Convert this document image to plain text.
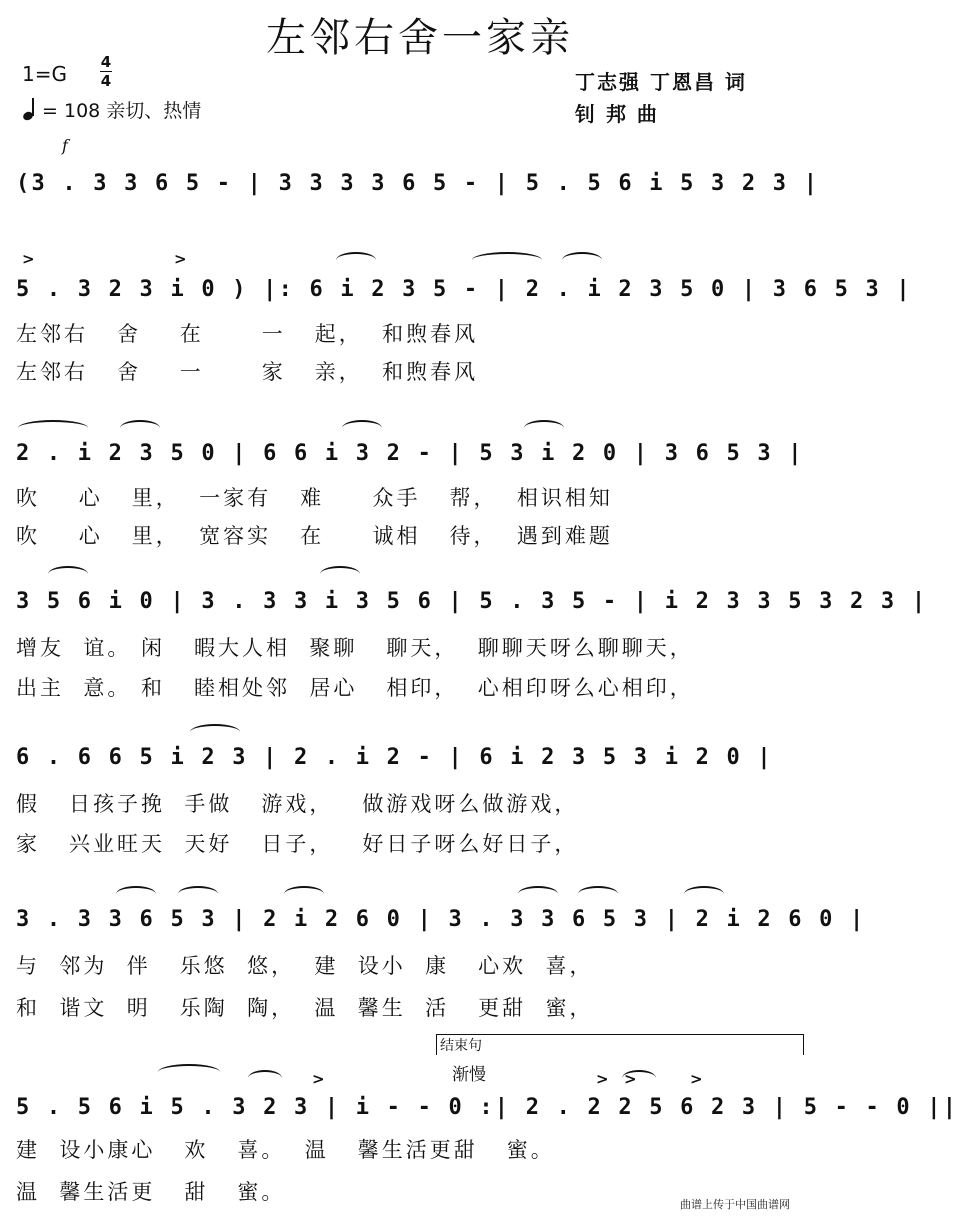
左邻右舍一家亲
1=G 4
4
= 108 亲切、热情
丁志强 丁恩昌 词
钊 邦 曲
f
(3 . 3 3 6 5 - | 3 3 3 3 6 5 - | 5 . 5 6 i 5 3 2 3 |
>	>
5 . 3 2 3 i 0 ) |: 6 i 2 3 5 - | 2 . i 2 3 5 0 | 3 6 5 3 |
左邻右   舍    在      一   起，  和煦春风
左邻右   舍    一      家   亲，  和煦春风
2 . i 2 3 5 0 | 6 6 i 3 2 - | 5 3 i 2 0 | 3 6 5 3 |
吹    心   里，  一家有   难     众手   帮，  相识相知
吹    心   里，  宽容实   在     诚相   待，  遇到难题
3 5 6 i 0 | 3 . 3 3 i 3 5 6 | 5 . 3 5 - | i 2 3 3 5 3 2 3 |
增友  谊。 闲   暇大人相  聚聊   聊天，  聊聊天呀么聊聊天，
出主  意。 和   睦相处邻  居心   相印，  心相印呀么心相印，
6 . 6 6 5 i 2 3 | 2 . i 2 - | 6 i 2 3 5 3 i 2 0 |
假   日孩子挽  手做   游戏，   做游戏呀么做游戏，
家   兴业旺天  天好   日子，   好日子呀么好日子，
3 . 3 3 6 5 3 | 2 i 2 6 0 | 3 . 3 3 6 5 3 | 2 i 2 6 0 |
与  邻为  伴   乐悠  悠，  建  设小  康   心欢  喜，
和  谐文  明   乐陶  陶，  温  馨生  活   更甜  蜜，
结束句
渐慢
>	> >	>
5 . 5 6 i 5 . 3 2 3 | i - - 0 :| 2 . 2 2 5 6 2 3 | 5 - - 0 ||
建  设小康心   欢   喜。  温   馨生活更甜   蜜。
温  馨生活更   甜   蜜。
曲谱上传于中国曲谱网
